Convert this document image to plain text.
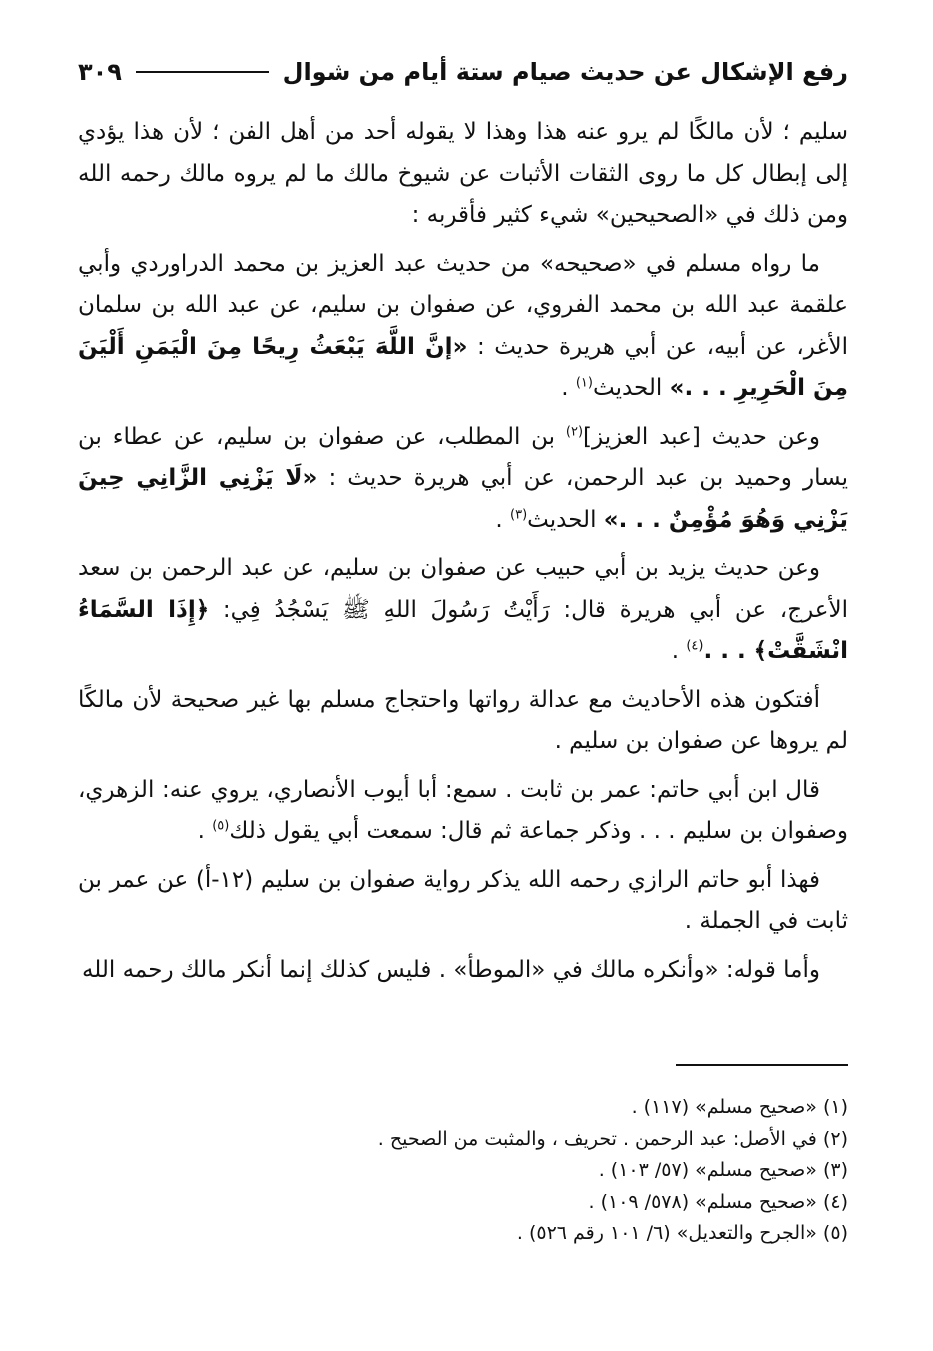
رفع الإشكال عن حديث صيام ستة أيام من شوال
٣٠٩

سليم ؛ لأن مالكًا لم يرو عنه هذا وهذا لا يقوله أحد من أهل الفن ؛ لأن هذا يؤدي إلى إبطال كل ما روى الثقات الأثبات عن شيوخ مالك ما لم يروه مالك رحمه الله ومن ذلك في «الصحيحين» شيء كثير فأقربه :

ما رواه مسلم في «صحيحه» من حديث عبد العزيز بن محمد الدراوردي وأبي علقمة عبد الله بن محمد الفروي، عن صفوان بن سليم، عن عبد الله بن سلمان الأغر، عن أبيه، عن أبي هريرة حديث : «إنَّ اللَّهَ يَبْعَثُ رِيحًا مِنَ الْيَمَنِ أَلْيَنَ مِنَ الْحَرِيرِ . . .» الحديث$^{(١)}$ .

وعن حديث [عبد العزيز]$^{(٢)}$ بن المطلب، عن صفوان بن سليم، عن عطاء بن يسار وحميد بن عبد الرحمن، عن أبي هريرة حديث : «لَا يَزْنِي الزَّانِي حِينَ يَزْنِي وَهُوَ مُؤْمِنٌ . . .» الحديث$^{(٣)}$ .

وعن حديث يزيد بن أبي حبيب عن صفوان بن سليم، عن عبد الرحمن بن سعد الأعرج، عن أبي هريرة قال: رَأَيْتُ رَسُولَ اللهِ ﷺ يَسْجُدُ فِي: ﴿إِذَا السَّمَاءُ انْشَقَّتْ﴾ . . .$^{(٤)}$ .

أفتكون هذه الأحاديث مع عدالة رواتها واحتجاج مسلم بها غير صحيحة لأن مالكًا لم يروها عن صفوان بن سليم .

قال ابن أبي حاتم: عمر بن ثابت . سمع: أبا أيوب الأنصاري، يروي عنه: الزهري، وصفوان بن سليم . . . وذكر جماعة ثم قال: سمعت أبي يقول ذلك$^{(٥)}$ .

فهذا أبو حاتم الرازي رحمه الله يذكر رواية صفوان بن سليم (١٢-أ) عن عمر بن ثابت في الجملة .

وأما قوله: «وأنكره مالك في «الموطأ» . فليس كذلك إنما أنكر مالك رحمه الله

(١) «صحيح مسلم» (١١٧) .

(٢) في الأصل: عبد الرحمن . تحريف ، والمثبت من الصحيح .

(٣) «صحيح مسلم» (٥٧/ ١٠٣) .

(٤) «صحيح مسلم» (٥٧٨/ ١٠٩) .

(٥) «الجرح والتعديل» (٦/ ١٠١ رقم ٥٢٦) .
